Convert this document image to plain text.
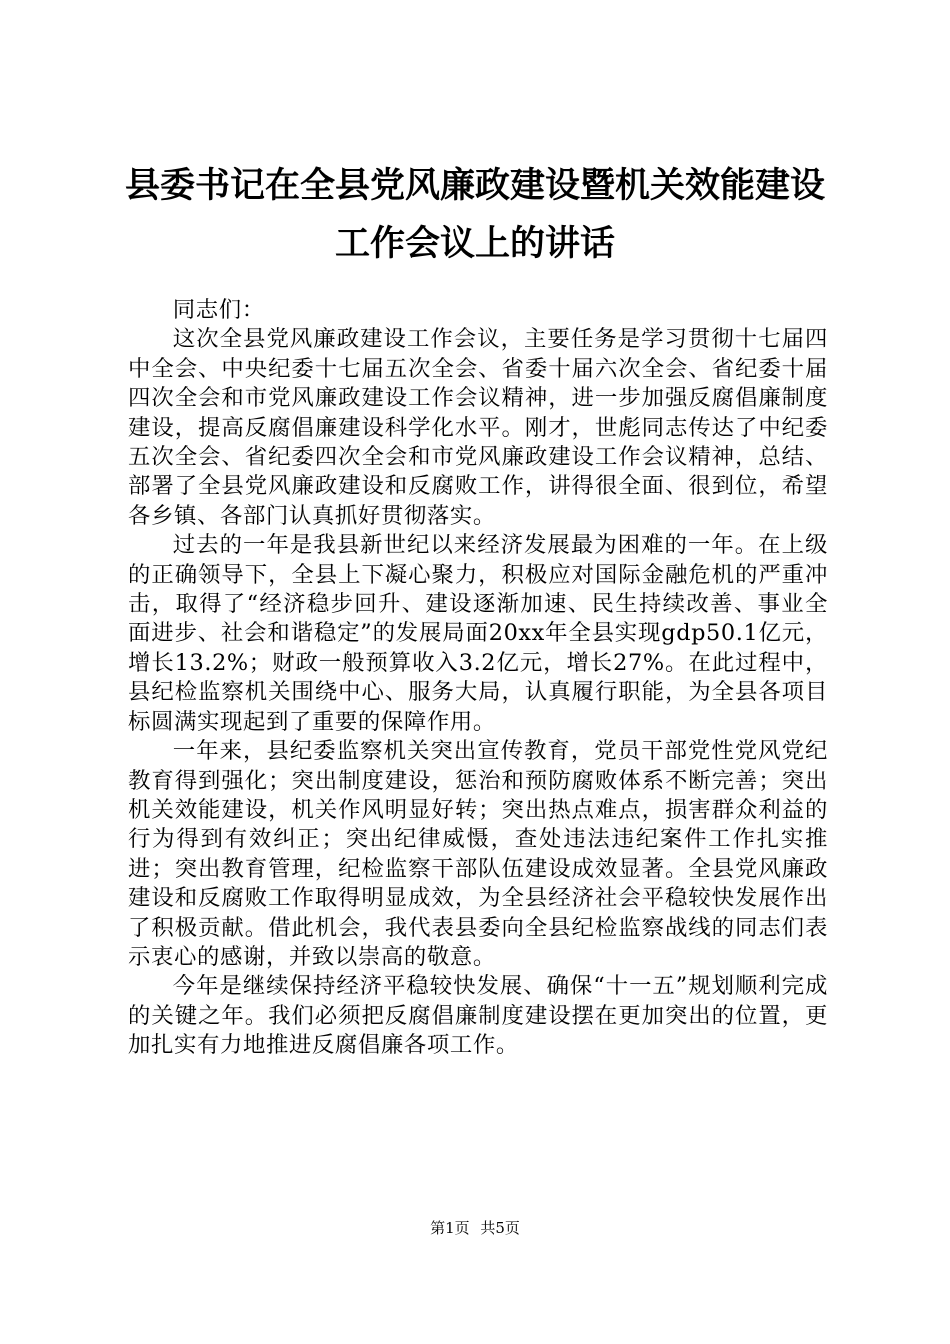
县委书记在全县党风廉政建设暨机关效能建设
工作会议上的讲话

同志们：

这次全县党风廉政建设工作会议，主要任务是学习贯彻十七届四中全会、中央纪委十七届五次全会、省委十届六次全会、省纪委十届四次全会和市党风廉政建设工作会议精神，进一步加强反腐倡廉制度建设，提高反腐倡廉建设科学化水平。刚才，世彪同志传达了中纪委五次全会、省纪委四次全会和市党风廉政建设工作会议精神，总结、部署了全县党风廉政建设和反腐败工作，讲得很全面、很到位，希望各乡镇、各部门认真抓好贯彻落实。

过去的一年是我县新世纪以来经济发展最为困难的一年。在上级的正确领导下，全县上下凝心聚力，积极应对国际金融危机的严重冲击，取得了“经济稳步回升、建设逐渐加速、民生持续改善、事业全面进步、社会和谐稳定”的发展局面20xx年全县实现gdp50.1亿元，增长13.2%；财政一般预算收入3.2亿元，增长27%。在此过程中，县纪检监察机关围绕中心、服务大局，认真履行职能，为全县各项目标圆满实现起到了重要的保障作用。

一年来，县纪委监察机关突出宣传教育，党员干部党性党风党纪教育得到强化；突出制度建设，惩治和预防腐败体系不断完善；突出机关效能建设，机关作风明显好转；突出热点难点，损害群众利益的行为得到有效纠正；突出纪律威慑，查处违法违纪案件工作扎实推进；突出教育管理，纪检监察干部队伍建设成效显著。全县党风廉政建设和反腐败工作取得明显成效，为全县经济社会平稳较快发展作出了积极贡献。借此机会，我代表县委向全县纪检监察战线的同志们表示衷心的感谢，并致以崇高的敬意。

今年是继续保持经济平稳较快发展、确保“十一五”规划顺利完成的关键之年。我们必须把反腐倡廉制度建设摆在更加突出的位置，更加扎实有力地推进反腐倡廉各项工作。

第1页 共5页
